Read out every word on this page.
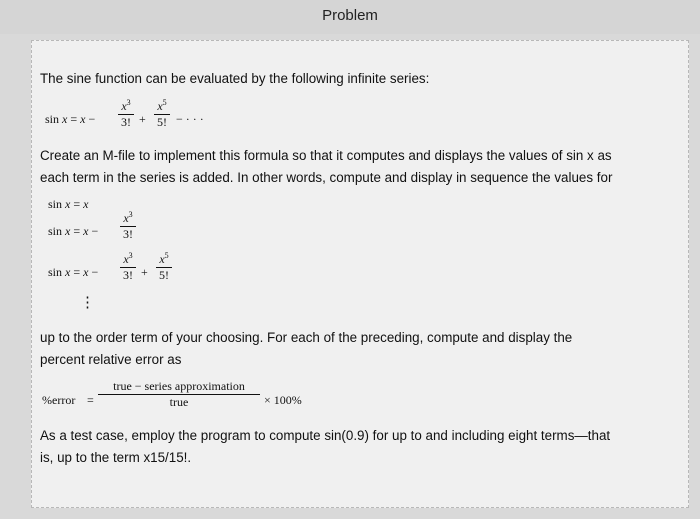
Problem
The sine function can be evaluated by the following infinite series:
sin x = x −
$x^3$
3! +
$x^5$
5! − · · ·
Create an M-file to implement this formula so that it computes and displays the values of sin x as
each term in the series is added. In other words, compute and display in sequence the values for
sin x = x
sin x = x −
$x^3$
3!
sin x = x −
$x^3$
3! +
$x^5$
5!
⋮
up to the order term of your choosing. For each of the preceding, compute and display the
percent relative error as
%error =
true − series approximation
true	× 100%
As a test case, employ the program to compute sin(0.9) for up to and including eight terms—that
is, up to the term x15/15!.
